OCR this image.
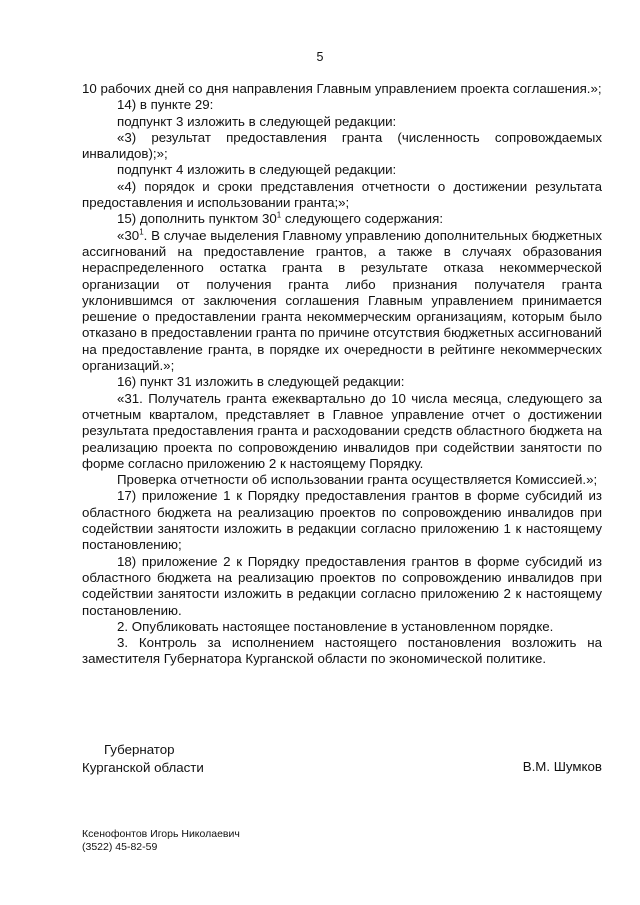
5

10 рабочих дней со дня направления Главным управлением проекта соглашения.»;

14) в пункте 29:

подпункт 3 изложить в следующей редакции:

«3) результат предоставления гранта (численность сопровождаемых инвалидов);»;

подпункт 4 изложить в следующей редакции:

«4) порядок и сроки представления отчетности о достижении результата предоставления и использовании гранта;»;

15) дополнить пунктом $30^1$ следующего содержания:

«$30^1$. В случае выделения Главному управлению дополнительных бюджетных ассигнований на предоставление грантов, а также в случаях образования нераспределенного остатка гранта в результате отказа некоммерческой организации от получения гранта либо признания получателя гранта уклонившимся от заключения соглашения Главным управлением принимается решение о предоставлении гранта некоммерческим организациям, которым было отказано в предоставлении гранта по причине отсутствия бюджетных ассигнований на предоставление гранта, в порядке их очередности в рейтинге некоммерческих организаций.»;

16) пункт 31 изложить в следующей редакции:

«31. Получатель гранта ежеквартально до 10 числа месяца, следующего за отчетным кварталом, представляет в Главное управление отчет о достижении результата предоставления гранта и расходовании средств областного бюджета на реализацию проекта по сопровождению инвалидов при содействии занятости по форме согласно приложению 2 к настоящему Порядку.

Проверка отчетности об использовании гранта осуществляется Комиссией.»;

17) приложение 1 к Порядку предоставления грантов в форме субсидий из областного бюджета на реализацию проектов по сопровождению инвалидов при содействии занятости изложить в редакции согласно приложению 1 к настоящему постановлению;

18) приложение 2 к Порядку предоставления грантов в форме субсидий из областного бюджета на реализацию проектов по сопровождению инвалидов при содействии занятости изложить в редакции согласно приложению 2 к настоящему постановлению.

2. Опубликовать настоящее постановление в установленном порядке.

3. Контроль за исполнением настоящего постановления возложить на заместителя Губернатора Курганской области по экономической политике.

Губернатор
Курганской области	В.М. Шумков
Ксенофонтов Игорь Николаевич
(3522) 45-82-59
